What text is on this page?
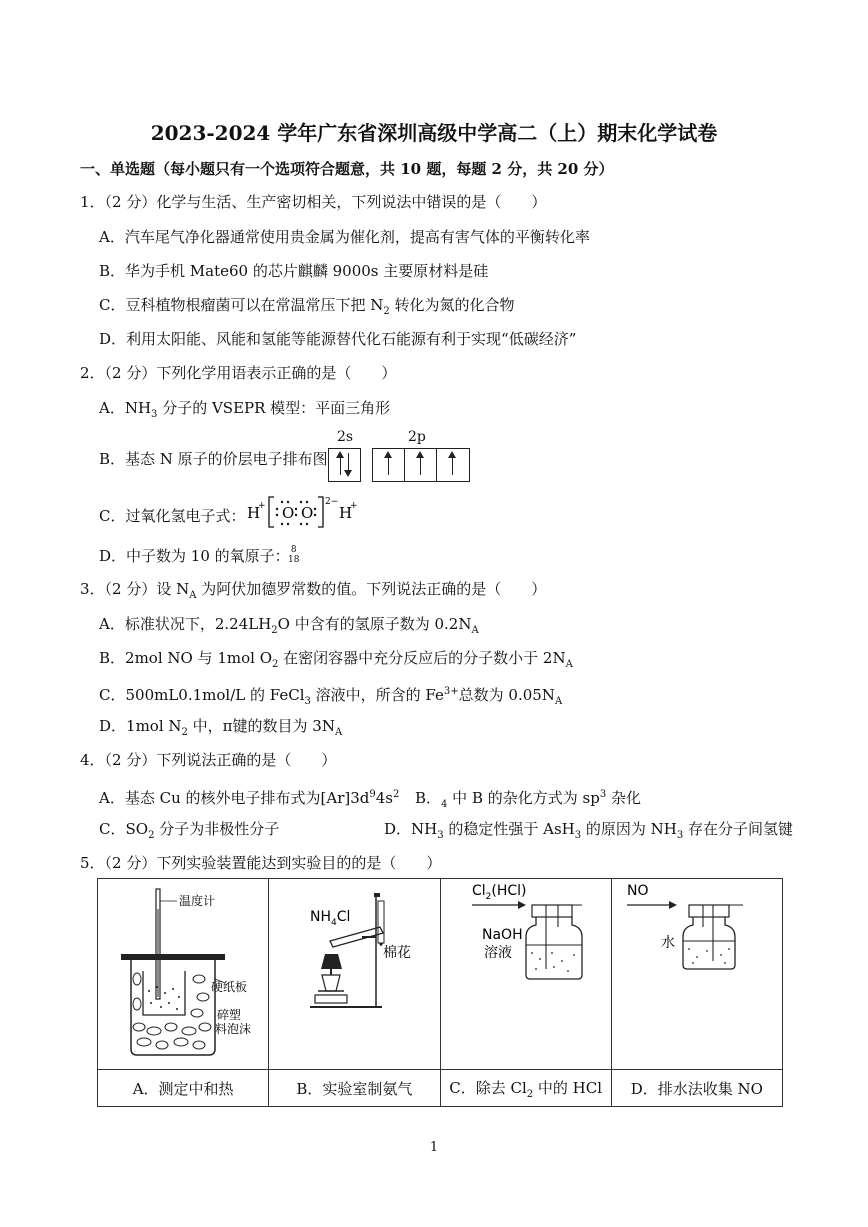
2023-2024 学年广东省深圳高级中学高二（上）期末化学试卷
一、单选题（每小题只有一个选项符合题意，共 10 题，每题 2 分，共 20 分）
1．（2 分）化学与生活、生产密切相关，下列说法中错误的是（　　）
A．汽车尾气净化器通常使用贵金属为催化剂，提高有害气体的平衡转化率
B．华为手机 Mate60 的芯片麒麟 9000s 主要原材料是硅
C．豆科植物根瘤菌可以在常温常压下把 $N_2$ 转化为氮的化合物
D．利用太阳能、风能和氢能等能源替代化石能源有利于实现“低碳经济”
2．（2 分）下列化学用语表示正确的是（　　）
A．$NH_3$ 分子的 VSEPR 模型：平面三角形
B．基态 N 原子的价层电子排布图
2s	2p
C．过氧化氢电子式： H
+ O O
2−
H
+
D．中子数为 10 的氧原子： 8
18
3．（2 分）设 $N_A$ 为阿伏加德罗常数的值。下列说法正确的是（　　）
A．标准状况下，$2.24LH_2O$ 中含有的氢原子数为 $0.2N_A$
B．2mol NO 与 1mol $O_2$ 在密闭容器中充分反应后的分子数小于 $2N_A$
C．500mL0.1mol/L 的 FeCl$_3$ 溶液中，所含的 $Fe^{3+}$总数为 $0.05N_A$
D．1mol $N_2$ 中，π键的数目为 $3N_A$
4．（2 分）下列说法正确的是（　　）
A．基态 Cu 的核外电子排布式为$[Ar]3d^94s^2$ B．$_4$ 中 B 的杂化方式为 $sp^3$ 杂化
C．$SO_2$ 分子为非极性分子	D．$NH_3$ 的稳定性强于 AsH$_3$ 的原因为 $NH_3$ 存在分子间氢键
5．（2 分）下列实验装置能达到实验目的的是（　　）
温度计
硬纸板
碎塑
料泡沫	$NH_4Cl$
棉花	$Cl_2(HCl)$
NaOH
溶液	NO
水

A．测定中和热	B．实验室制氨气	C．除去 $Cl_2$ 中的 HCl	D．排水法收集 NO
1
